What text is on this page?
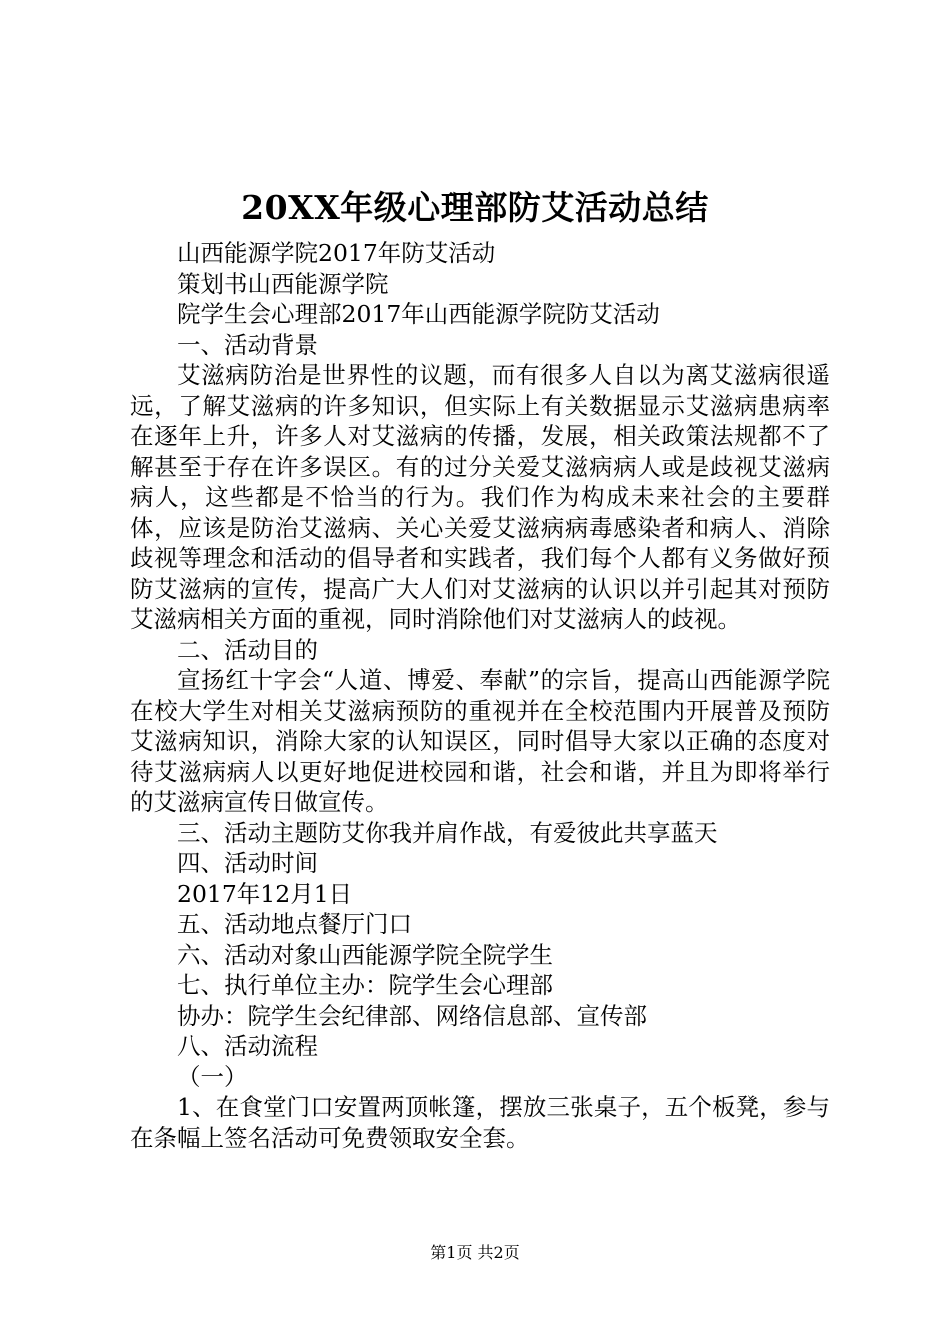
20XX年级心理部防艾活动总结

山西能源学院2017年防艾活动

策划书山西能源学院

院学生会心理部2017年山西能源学院防艾活动

一、活动背景

艾滋病防治是世界性的议题，而有很多人自以为离艾滋病很遥远，了解艾滋病的许多知识，但实际上有关数据显示艾滋病患病率在逐年上升，许多人对艾滋病的传播，发展，相关政策法规都不了解甚至于存在许多误区。有的过分关爱艾滋病病人或是歧视艾滋病病人，这些都是不恰当的行为。我们作为构成未来社会的主要群体，应该是防治艾滋病、关心关爱艾滋病病毒感染者和病人、消除歧视等理念和活动的倡导者和实践者，我们每个人都有义务做好预防艾滋病的宣传，提高广大人们对艾滋病的认识以并引起其对预防艾滋病相关方面的重视，同时消除他们对艾滋病人的歧视。

二、活动目的

宣扬红十字会“人道、博爱、奉献”的宗旨，提高山西能源学院在校大学生对相关艾滋病预防的重视并在全校范围内开展普及预防艾滋病知识，消除大家的认知误区，同时倡导大家以正确的态度对待艾滋病病人以更好地促进校园和谐，社会和谐，并且为即将举行的艾滋病宣传日做宣传。

三、活动主题防艾你我并肩作战，有爱彼此共享蓝天

四、活动时间

2017年12月1日

五、活动地点餐厅门口

六、活动对象山西能源学院全院学生

七、执行单位主办：院学生会心理部

协办：院学生会纪律部、网络信息部、宣传部

八、活动流程

（一）

1、在食堂门口安置两顶帐篷，摆放三张桌子，五个板凳，参与在条幅上签名活动可免费领取安全套。

第1页 共2页
